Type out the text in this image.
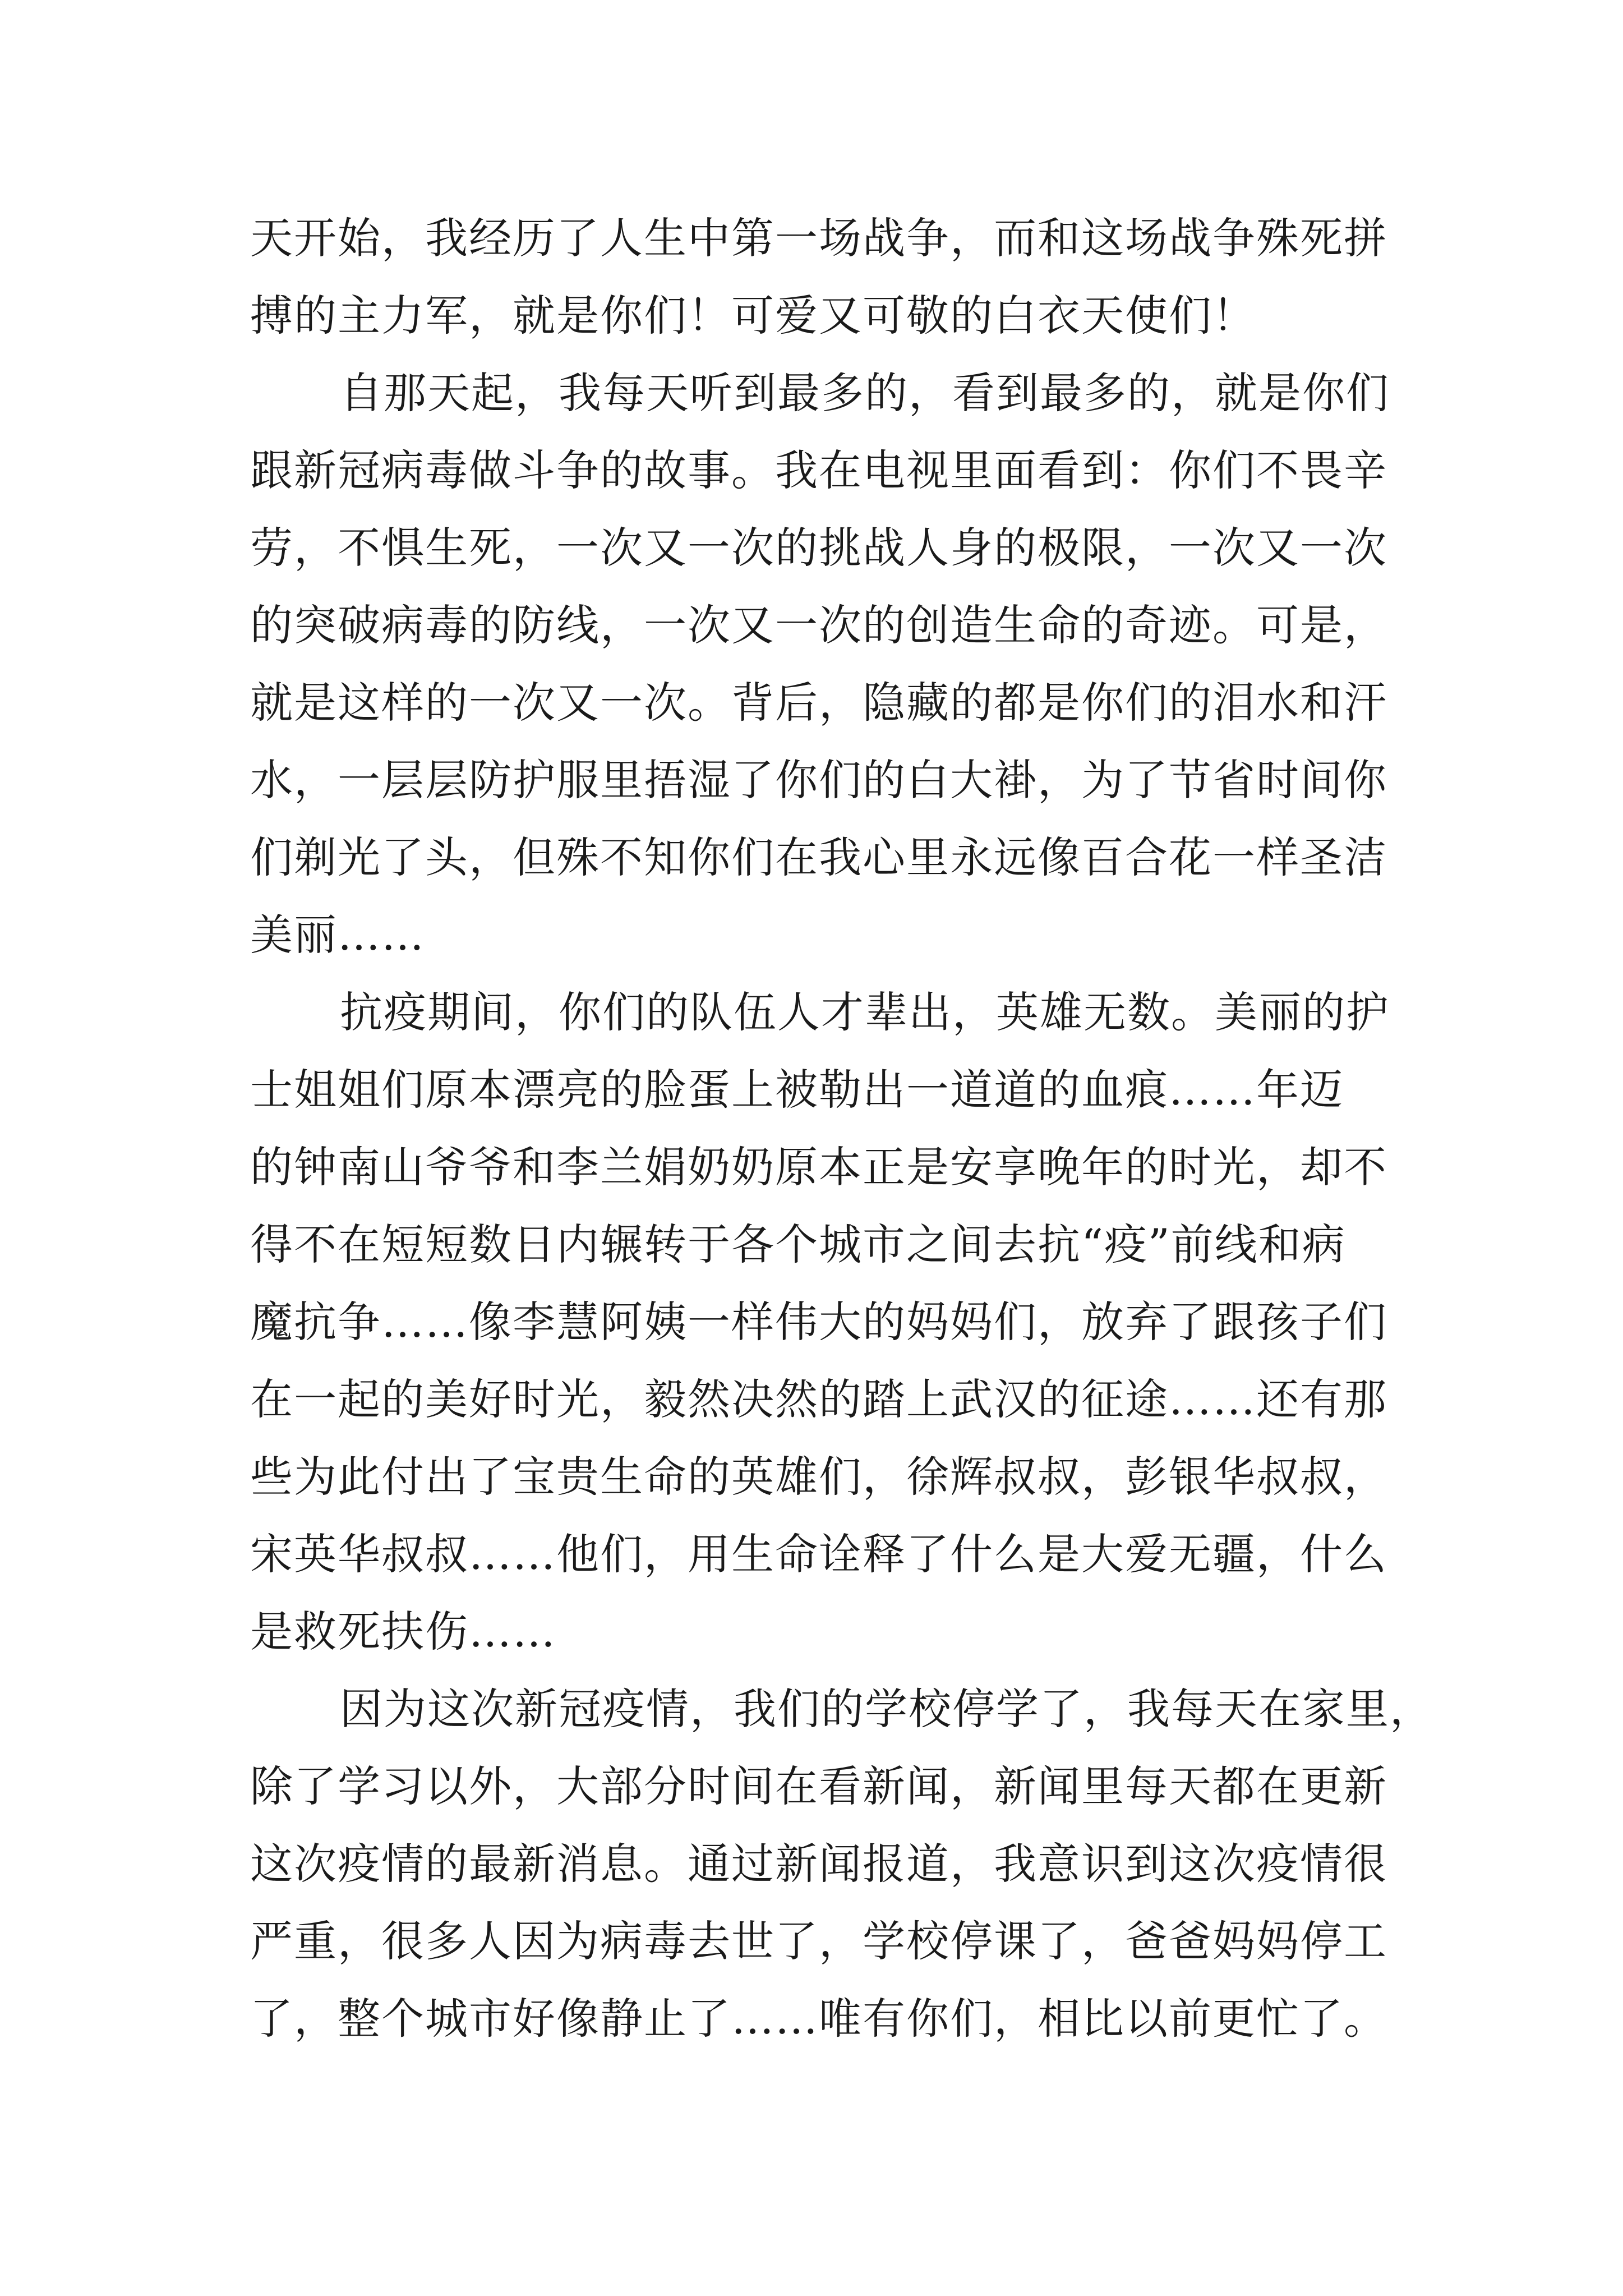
天开始，我经历了人生中第一场战争，而和这场战争殊死拼
搏的主力军，就是你们！可爱又可敬的白衣天使们！
自那天起，我每天听到最多的，看到最多的，就是你们
跟新冠病毒做斗争的故事。我在电视里面看到：你们不畏辛
劳，不惧生死，一次又一次的挑战人身的极限，一次又一次
的突破病毒的防线，一次又一次的创造生命的奇迹。可是，
就是这样的一次又一次。背后，隐藏的都是你们的泪水和汗
水，一层层防护服里捂湿了你们的白大褂，为了节省时间你
们剃光了头，但殊不知你们在我心里永远像百合花一样圣洁
美丽……
抗疫期间，你们的队伍人才辈出，英雄无数。美丽的护
士姐姐们原本漂亮的脸蛋上被勒出一道道的血痕……年迈
的钟南山爷爷和李兰娟奶奶原本正是安享晚年的时光，却不
得不在短短数日内辗转于各个城市之间去抗“疫”前线和病
魔抗争……像李慧阿姨一样伟大的妈妈们，放弃了跟孩子们
在一起的美好时光，毅然决然的踏上武汉的征途……还有那
些为此付出了宝贵生命的英雄们，徐辉叔叔，彭银华叔叔，
宋英华叔叔……他们，用生命诠释了什么是大爱无疆，什么
是救死扶伤……
因为这次新冠疫情，我们的学校停学了，我每天在家里，
除了学习以外，大部分时间在看新闻，新闻里每天都在更新
这次疫情的最新消息。通过新闻报道，我意识到这次疫情很
严重，很多人因为病毒去世了，学校停课了，爸爸妈妈停工
了，整个城市好像静止了……唯有你们，相比以前更忙了。
